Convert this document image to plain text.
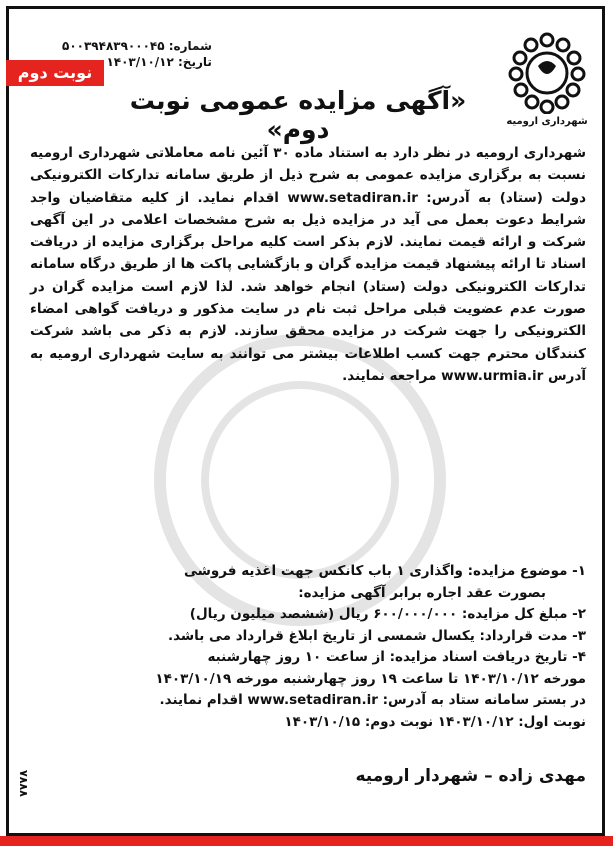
شهرداری ارومیه
شماره: ۵۰۰۳۹۴۸۳۹۰۰۰۴۵
تاریخ: ۱۴۰۳/۱۰/۱۲
نوبت دوم
«آگهی مزایده عمومی نوبت دوم»

شهرداری ارومیه در نظر دارد به استناد ماده ۳۰ آئین نامه معاملاتی شهرداری ارومیه نسبت به برگزاری مزایده عمومی به شرح ذیل از طریق سامانه تدارکات الکترونیکی دولت (ستاد) به آدرس: www.setadiran.ir اقدام نماید. از کلیه متقاضیان واجد شرایط دعوت بعمل می آید در مزایده ذیل به شرح مشخصات اعلامی در این آگهی شرکت و ارائه قیمت نمایند. لازم بذکر است کلیه مراحل برگزاری مزایده از دریافت اسناد تا ارائه پیشنهاد قیمت مزایده گران و بازگشایی پاکت ها از طریق درگاه سامانه تدارکات الکترونیکی دولت (ستاد) انجام خواهد شد. لذا لازم است مزایده گران در صورت عدم عضویت قبلی مراحل ثبت نام در سایت مذکور و دریافت گواهی امضاء الکترونیکی را جهت شرکت در مزایده محقق سازند. لازم به ذکر می باشد شرکت کنندگان محترم جهت کسب اطلاعات بیشتر می توانند به سایت شهرداری ارومیه به آدرس www.urmia.ir مراجعه نمایند.

۱- موضوع مزایده: واگذاری ۱ باب کانکس جهت اغذیه فروشی
بصورت عقد اجاره برابر آگهی مزایده:
۲- مبلغ کل مزایده: ۶۰۰/۰۰۰/۰۰۰ ریال (ششصد میلیون ریال)
۳- مدت قرارداد: یکسال شمسی از تاریخ ابلاغ قرارداد می باشد.
۴- تاریخ دریافت اسناد مزایده: از ساعت ۱۰ روز چهارشنبه
مورخه ۱۴۰۳/۱۰/۱۲ تا ساعت ۱۹ روز چهارشنبه مورخه ۱۴۰۳/۱۰/۱۹
در بستر سامانه ستاد به آدرس: www.setadiran.ir اقدام نمایند.
نوبت اول: ۱۴۰۳/۱۰/۱۲ نوبت دوم: ۱۴۰۳/۱۰/۱۵
مهدی زاده – شهردار ارومیه
۷۸۸۸
